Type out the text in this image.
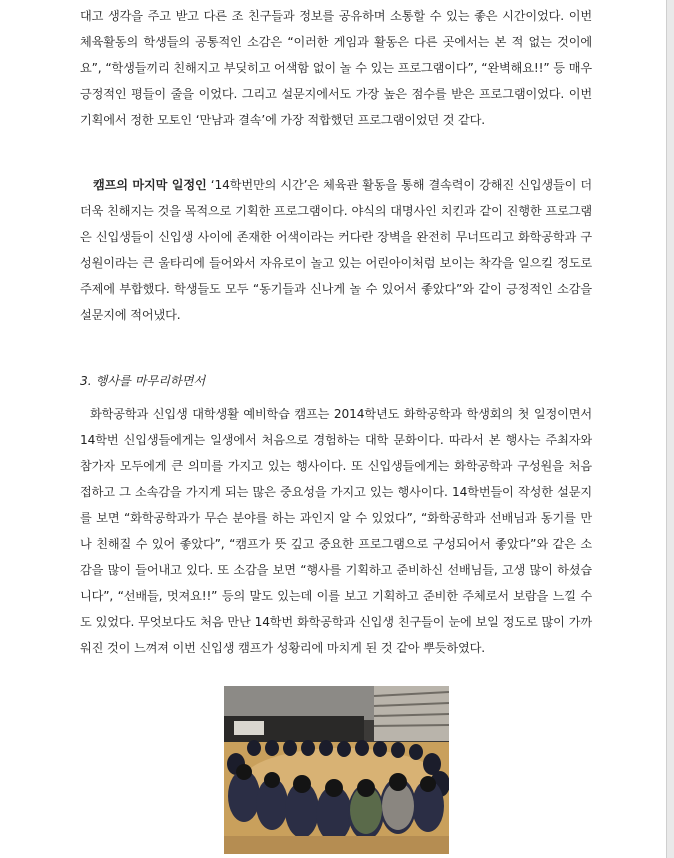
대고 생각을 주고 받고 다른 조 친구들과 정보를 공유하며 소통할 수 있는 좋은 시간이었다. 이번 체육활동의 학생들의 공통적인 소감은 “이러한 게임과 활동은 다른 곳에서는 본 적 없는 것이에요”, “학생들끼리 친해지고 부딪히고 어색함 없이 놀 수 있는 프로그램이다”, “완벽해요!!” 등 매우 긍정적인 평들이 줄을 이었다. 그리고 설문지에서도 가장 높은 점수를 받은 프로그램이었다. 이번 기획에서 정한 모토인 ‘만남과 결속’에 가장 적합했던 프로그램이었던 것 같다.

캠프의 마지막 일정인 ‘14학번만의 시간’은 체육관 활동을 통해 결속력이 강해진 신입생들이 더더욱 친해지는 것을 목적으로 기획한 프로그램이다. 야식의 대명사인 치킨과 같이 진행한 프로그램은 신입생들이 신입생 사이에 존재한 어색이라는 커다란 장벽을 완전히 무너뜨리고 화학공학과 구성원이라는 큰 울타리에 들어와서 자유로이 놀고 있는 어린아이처럼 보이는 착각을 일으킬 정도로 주제에 부합했다. 학생들도 모두 “동기들과 신나게 놀 수 있어서 좋았다”와 같이 긍정적인 소감을 설문지에 적어냈다.

3. 행사를 마무리하면서

화학공학과 신입생 대학생활 예비학습 캠프는 2014학년도 화학공학과 학생회의 첫 일정이면서 14학번 신입생들에게는 일생에서 처음으로 경험하는 대학 문화이다. 따라서 본 행사는 주최자와 참가자 모두에게 큰 의미를 가지고 있는 행사이다. 또 신입생들에게는 화학공학과 구성원을 처음 접하고 그 소속감을 가지게 되는 많은 중요성을 가지고 있는 행사이다. 14학번들이 작성한 설문지를 보면 “화학공학과가 무슨 분야를 하는 과인지 알 수 있었다”, “화학공학과 선배님과 동기를 만나 친해질 수 있어 좋았다”, “캠프가 뜻 깊고 중요한 프로그램으로 구성되어서 좋았다”와 같은 소감을 많이 들어내고 있다. 또 소감을 보면 “행사를 기획하고 준비하신 선배님들, 고생 많이 하셨습니다”, “선배들, 멋져요!!” 등의 말도 있는데 이를 보고 기획하고 준비한 주체로서 보람을 느낄 수 도 있었다. 무엇보다도 처음 만난 14학번 화학공학과 신입생 친구들이 눈에 보일 정도로 많이 가까워진 것이 느껴져 이번 신입생 캠프가 성황리에 마치게 된 것 같아 뿌듯하였다.
